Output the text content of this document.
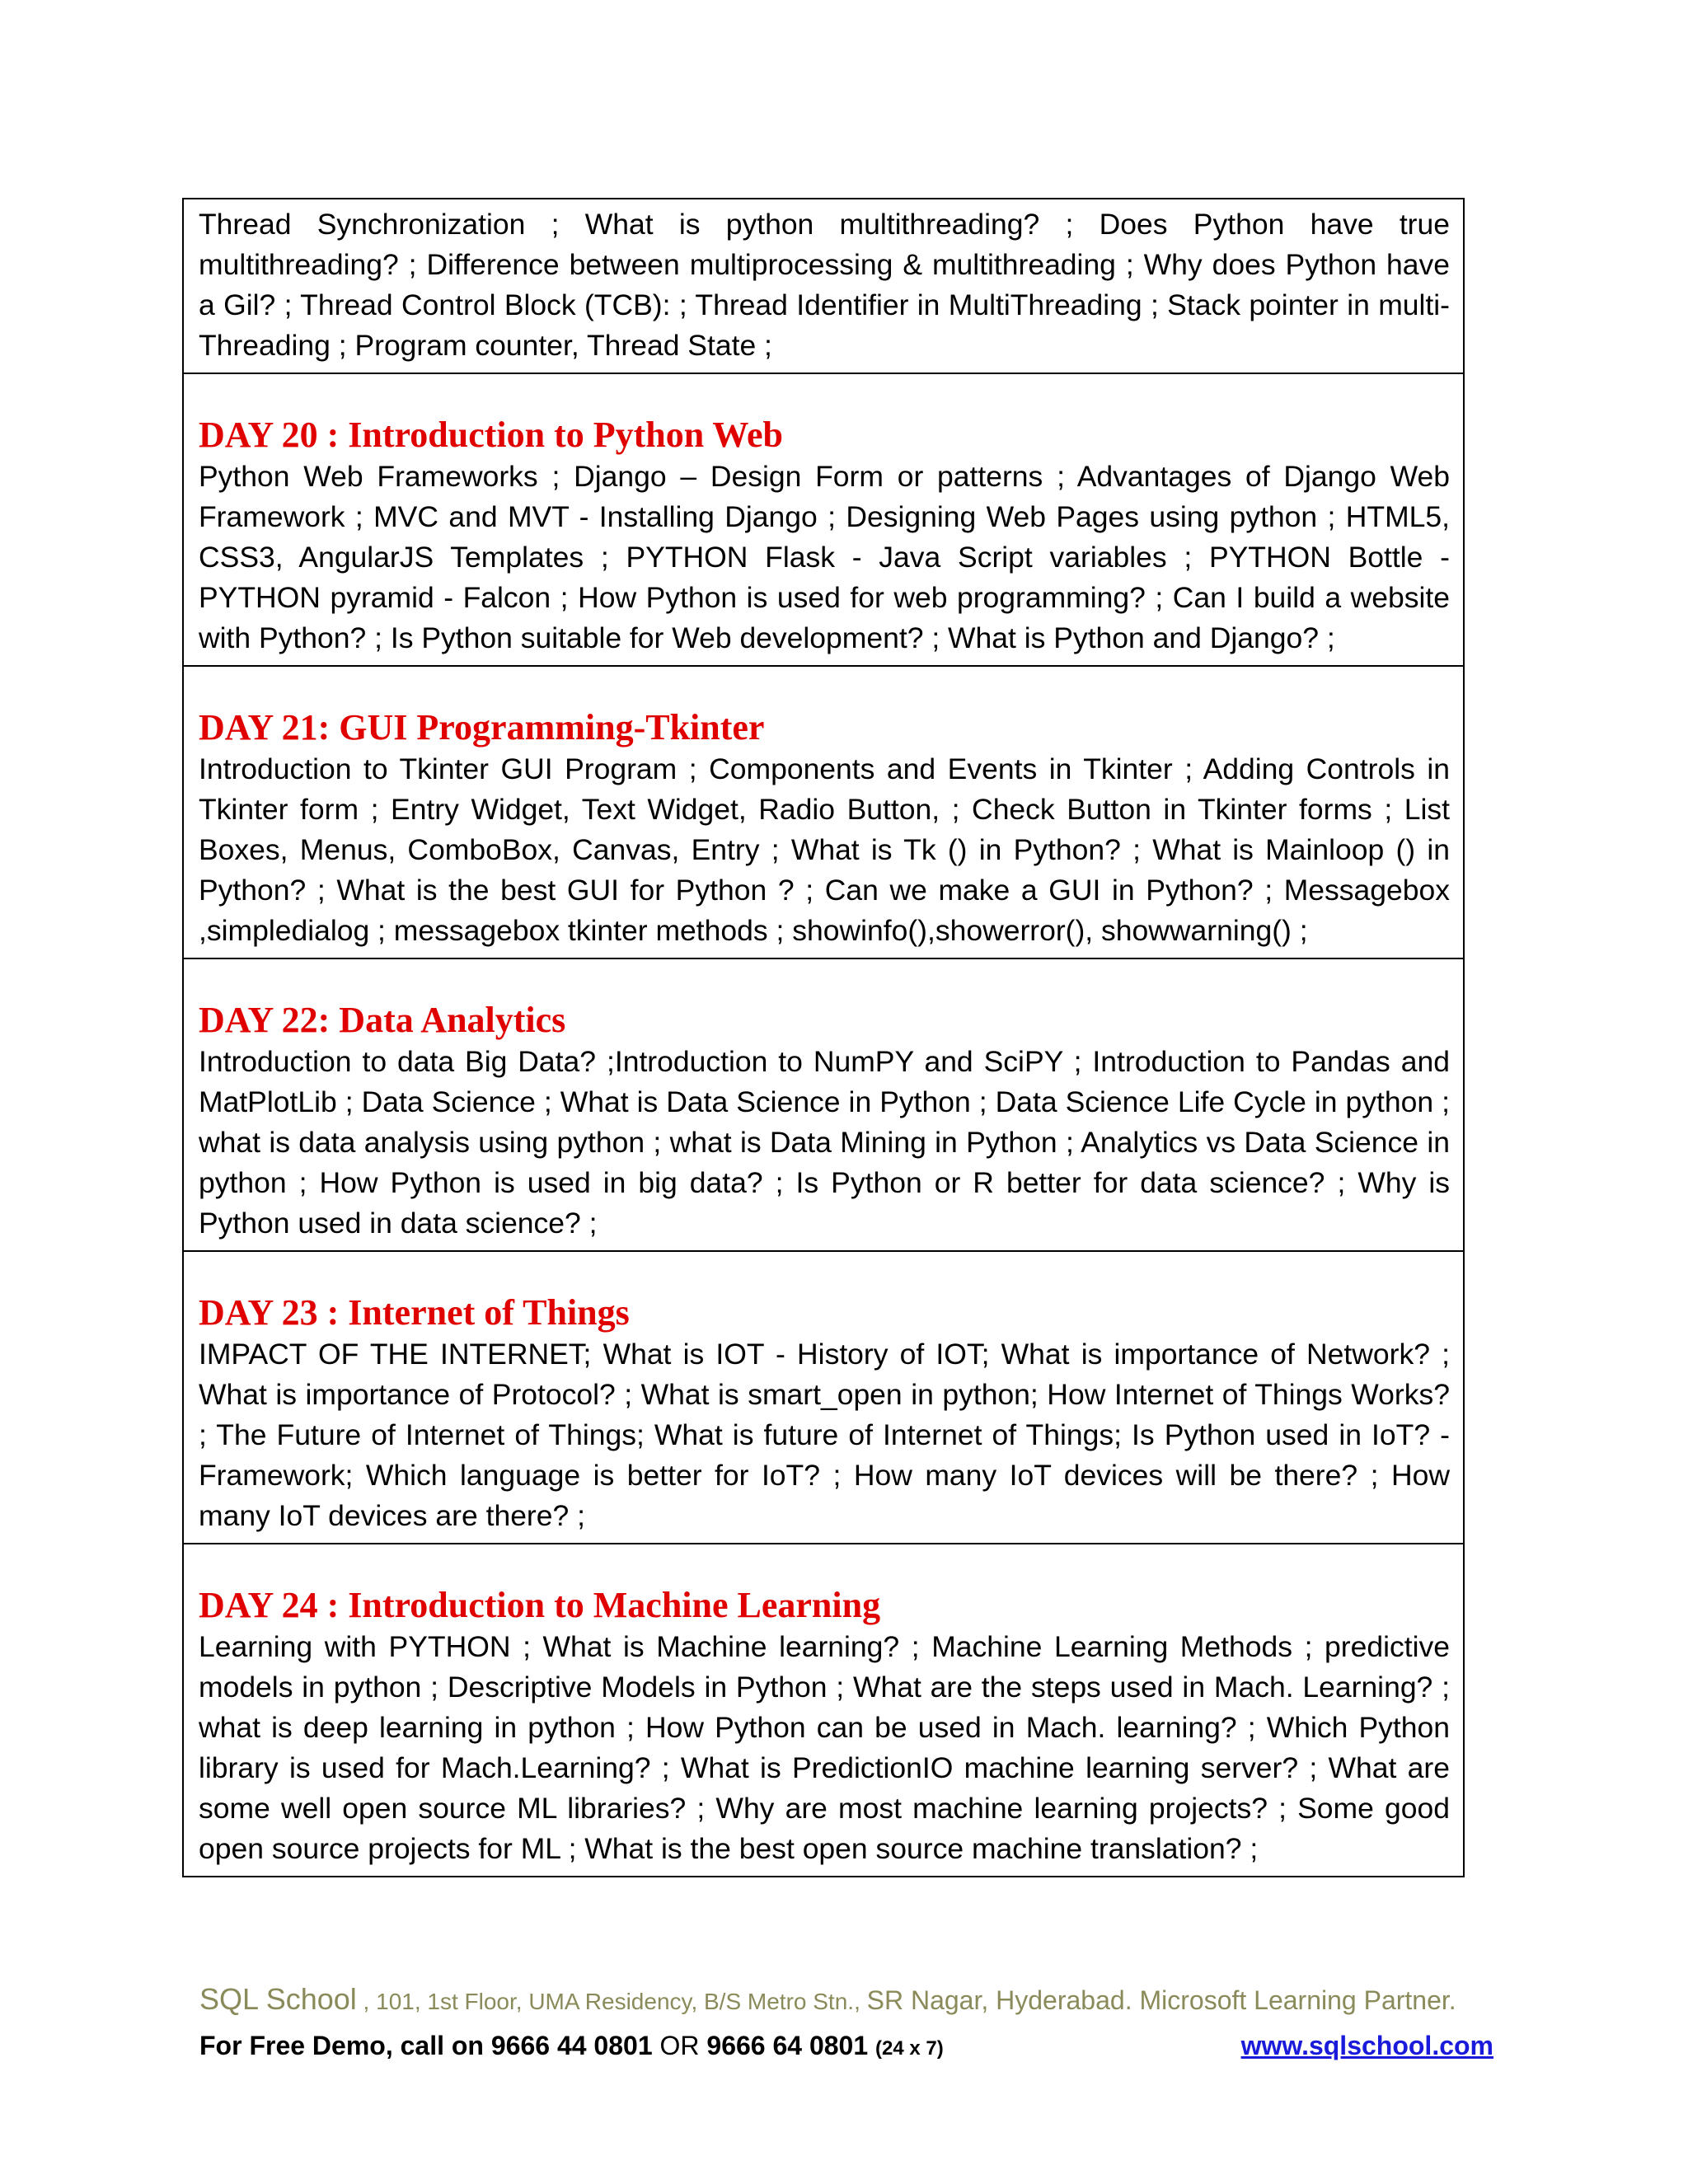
Thread Synchronization ; What is python multithreading? ; Does Python have true multithreading? ; Difference between multiprocessing & multithreading ; Why does Python have a Gil? ; Thread Control Block (TCB): ; Thread Identifier in MultiThreading ; Stack pointer in multi-Threading ; Program counter, Thread State ;

DAY 20 : Introduction to Python Web
Python Web Frameworks ; Django – Design Form or patterns ; Advantages of Django Web Framework ; MVC and MVT - Installing Django ; Designing Web Pages using python ; HTML5, CSS3, AngularJS Templates ; PYTHON Flask - Java Script variables ; PYTHON Bottle - PYTHON pyramid - Falcon ; How Python is used for web programming? ; Can I build a website with Python? ; Is Python suitable for Web development? ; What is Python and Django? ;

DAY 21: GUI Programming-Tkinter
Introduction to Tkinter GUI Program ; Components and Events in Tkinter ; Adding Controls in Tkinter form ; Entry Widget, Text Widget, Radio Button, ; Check Button in Tkinter forms ; List Boxes, Menus, ComboBox, Canvas, Entry ; What is Tk () in Python? ; What is Mainloop () in Python? ; What is the best GUI for Python ? ; Can we make a GUI in Python? ; Messagebox ,simpledialog ; messagebox tkinter methods ; showinfo(),showerror(), showwarning() ;

DAY 22: Data Analytics
Introduction to data Big Data? ;Introduction to NumPY and SciPY ; Introduction to Pandas and MatPlotLib ; Data Science ; What is Data Science in Python ; Data Science Life Cycle in python ; what is data analysis using python ; what is Data Mining in Python ; Analytics vs Data Science in python ; How Python is used in big data? ; Is Python or R better for data science? ; Why is Python used in data science? ;

DAY 23 : Internet of Things
IMPACT OF THE INTERNET; What is IOT - History of IOT; What is importance of Network? ; What is importance of Protocol? ; What is smart_open in python; How Internet of Things Works? ; The Future of Internet of Things; What is future of Internet of Things; Is Python used in IoT? - Framework; Which language is better for IoT? ; How many IoT devices will be there? ; How many IoT devices are there? ;

DAY 24 : Introduction to Machine Learning
Learning with PYTHON ; What is Machine learning? ; Machine Learning Methods ; predictive models in python ; Descriptive Models in Python ; What are the steps used in Mach. Learning? ; what is deep learning in python ; How Python can be used in Mach. learning? ; Which Python library is used for Mach.Learning? ; What is PredictionIO machine learning server? ; What are some well open source ML libraries? ; Why are most machine learning projects? ; Some good open source projects for ML ; What is the best open source machine translation? ;
SQL School , 101, 1st Floor, UMA Residency, B/S Metro Stn., SR Nagar, Hyderabad. Microsoft Learning Partner.
For Free Demo, call on 9666 44 0801 OR 9666 64 0801 (24 x 7)	www.sqlschool.com
